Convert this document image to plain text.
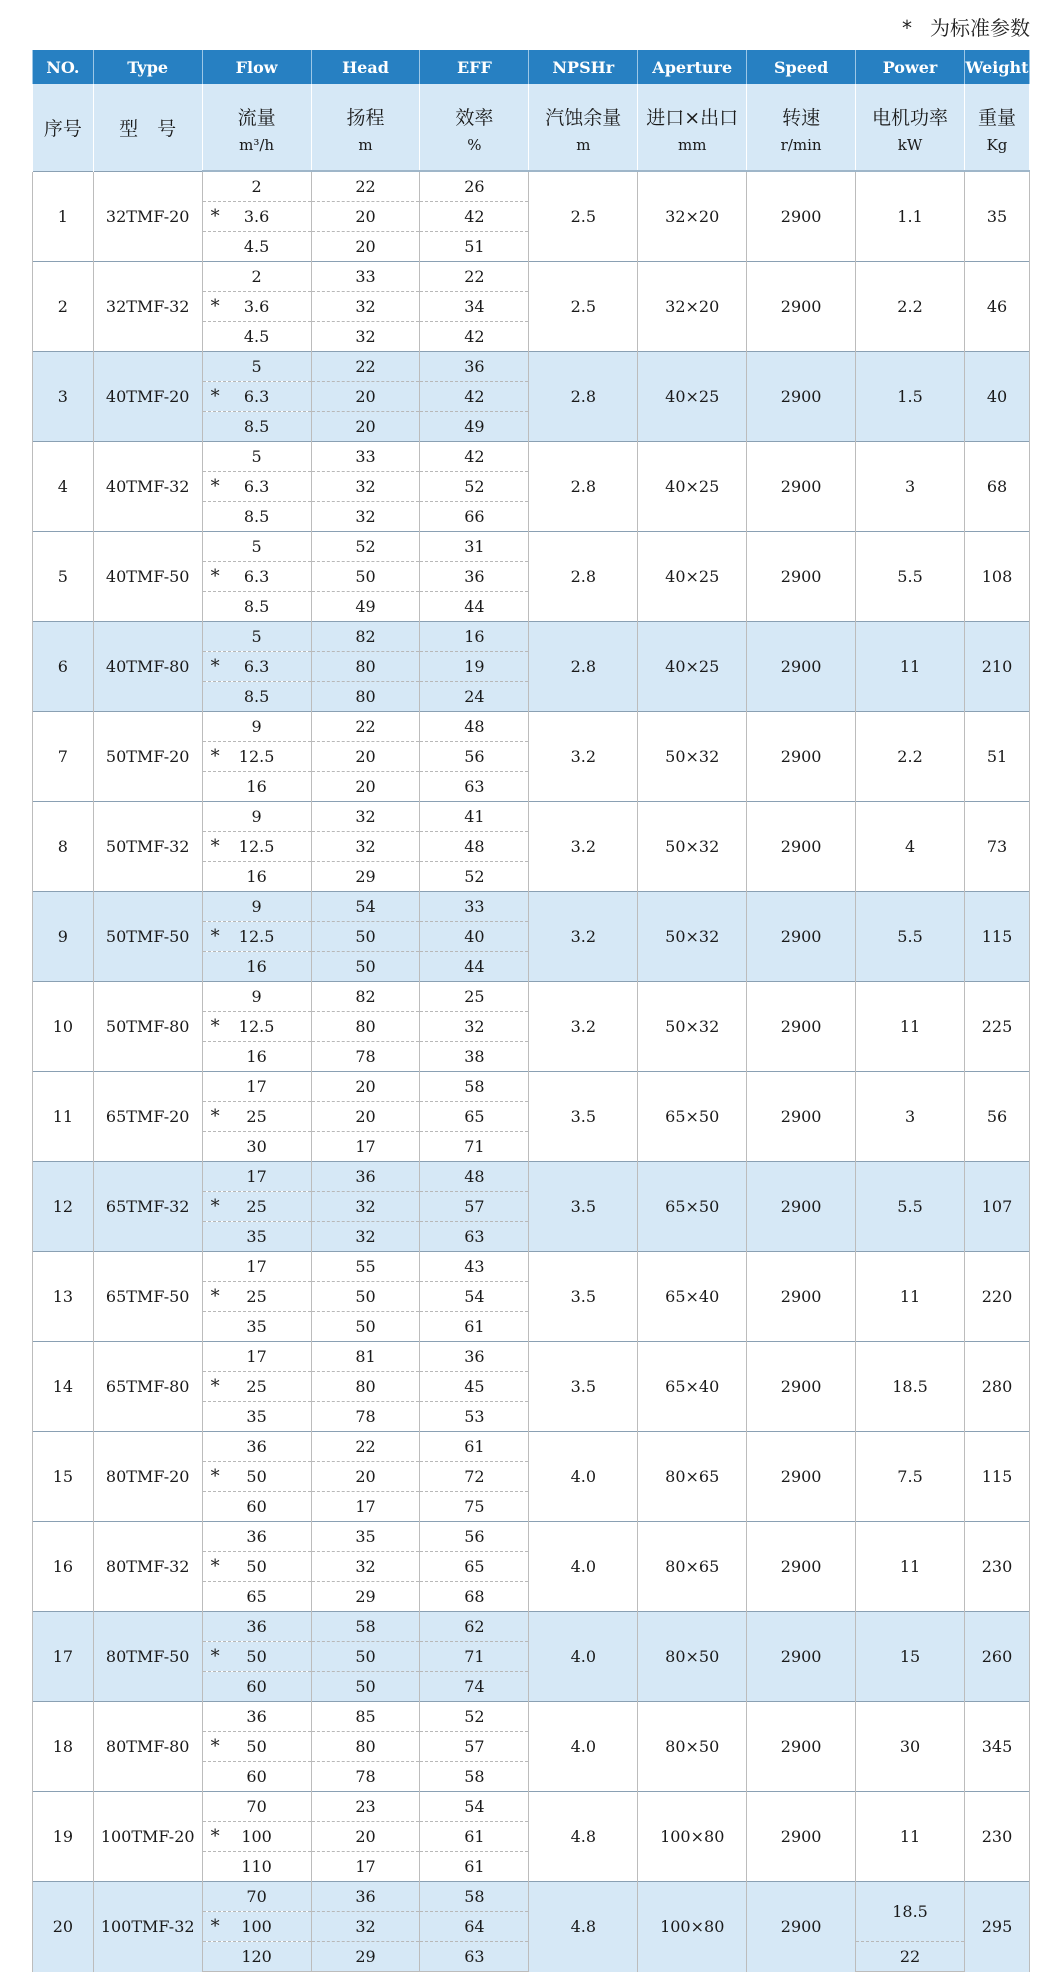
* 为标准参数
NO.	Type	Flow	Head	EFF	NPSHr	Aperture	Speed	Power	Weight
序号	型　号	流量	扬程	效率	汽蚀余量	进口×出口	转速	电机功率	重量
		m³/h	m	%	m	mm	r/min	kW	Kg
1	32TMF-20	2	22	26	2.5	32×20	2900	1.1	35

		* 3.6	20	42					
		4.5	20	51					
2	32TMF-32	2	33	22	2.5	32×20	2900	2.2	46

		* 3.6	32	34					
		4.5	32	42					
3	40TMF-20	5	22	36	2.8	40×25	2900	1.5	40

		* 6.3	20	42					
		8.5	20	49					
4	40TMF-32	5	33	42	2.8	40×25	2900	3	68

		* 6.3	32	52					
		8.5	32	66					
5	40TMF-50	5	52	31	2.8	40×25	2900	5.5	108

		* 6.3	50	36					
		8.5	49	44					
6	40TMF-80	5	82	16	2.8	40×25	2900	11	210

		* 6.3	80	19					
		8.5	80	24					
7	50TMF-20	9	22	48	3.2	50×32	2900	2.2	51

		* 12.5	20	56					
		16	20	63					
8	50TMF-32	9	32	41	3.2	50×32	2900	4	73

		* 12.5	32	48					
		16	29	52					
9	50TMF-50	9	54	33	3.2	50×32	2900	5.5	115

		* 12.5	50	40					
		16	50	44					
10	50TMF-80	9	82	25	3.2	50×32	2900	11	225

		* 12.5	80	32					
		16	78	38					
11	65TMF-20	17	20	58	3.5	65×50	2900	3	56

		* 25	20	65					
		30	17	71					
12	65TMF-32	17	36	48	3.5	65×50	2900	5.5	107

		* 25	32	57					
		35	32	63					
13	65TMF-50	17	55	43	3.5	65×40	2900	11	220

		* 25	50	54					
		35	50	61					
14	65TMF-80	17	81	36	3.5	65×40	2900	18.5	280

		* 25	80	45					
		35	78	53					
15	80TMF-20	36	22	61	4.0	80×65	2900	7.5	115

		* 50	20	72					
		60	17	75					
16	80TMF-32	36	35	56	4.0	80×65	2900	11	230

		* 50	32	65					
		65	29	68					
17	80TMF-50	36	58	62	4.0	80×50	2900	15	260

		* 50	50	71					
		60	50	74					
18	80TMF-80	36	85	52	4.0	80×50	2900	30	345

		* 50	80	57					
		60	78	58					
19	100TMF-20	70	23	54	4.8	100×80	2900	11	230

		* 100	20	61					
		110	17	61					
20	100TMF-32	70	36	58	4.8	100×80	2900	18.5	295

		* 100	32	64					
		120	29	63				22	
